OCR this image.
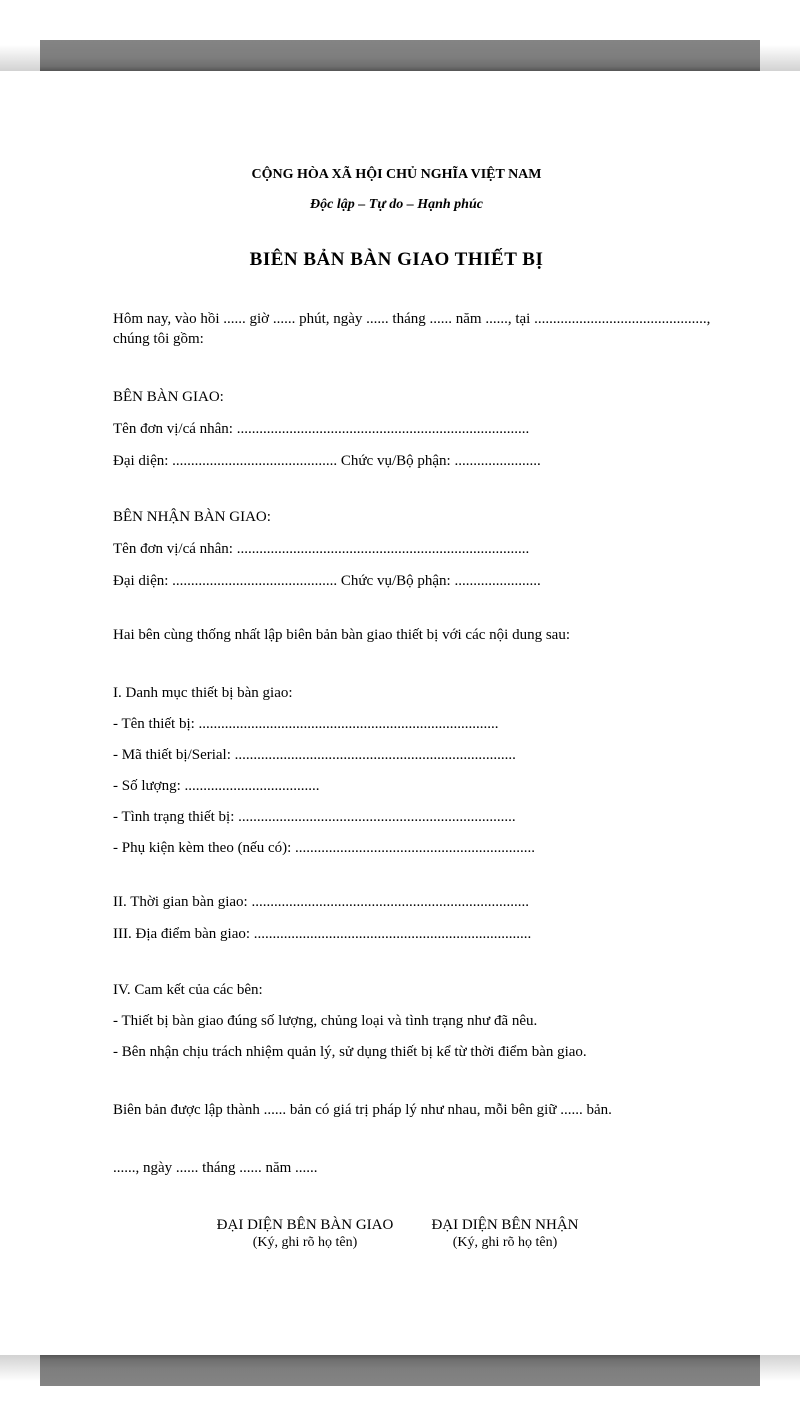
CỘNG HÒA XÃ HỘI CHỦ NGHĨA VIỆT NAM

Độc lập – Tự do – Hạnh phúc

BIÊN BẢN BÀN GIAO THIẾT BỊ

Hôm nay, vào hồi ...... giờ ...... phút, ngày ...... tháng ...... năm ......, tại ..............................................,

chúng tôi gồm:

BÊN BÀN GIAO:

Tên đơn vị/cá nhân: ..............................................................................

Đại diện: ............................................ Chức vụ/Bộ phận: .......................

BÊN NHẬN BÀN GIAO:

Tên đơn vị/cá nhân: ..............................................................................

Đại diện: ............................................ Chức vụ/Bộ phận: .......................

Hai bên cùng thống nhất lập biên bản bàn giao thiết bị với các nội dung sau:

I. Danh mục thiết bị bàn giao:

- Tên thiết bị: ................................................................................

- Mã thiết bị/Serial: ...........................................................................

- Số lượng: ....................................

- Tình trạng thiết bị: ..........................................................................

- Phụ kiện kèm theo (nếu có): ................................................................

II. Thời gian bàn giao: ..........................................................................

III. Địa điểm bàn giao: ..........................................................................

IV. Cam kết của các bên:

- Thiết bị bàn giao đúng số lượng, chủng loại và tình trạng như đã nêu.

- Bên nhận chịu trách nhiệm quản lý, sử dụng thiết bị kể từ thời điểm bàn giao.

Biên bản được lập thành ...... bản có giá trị pháp lý như nhau, mỗi bên giữ ...... bản.

......, ngày ...... tháng ...... năm ......

ĐẠI DIỆN BÊN BÀN GIAO

(Ký, ghi rõ họ tên)

ĐẠI DIỆN BÊN NHẬN

(Ký, ghi rõ họ tên)
